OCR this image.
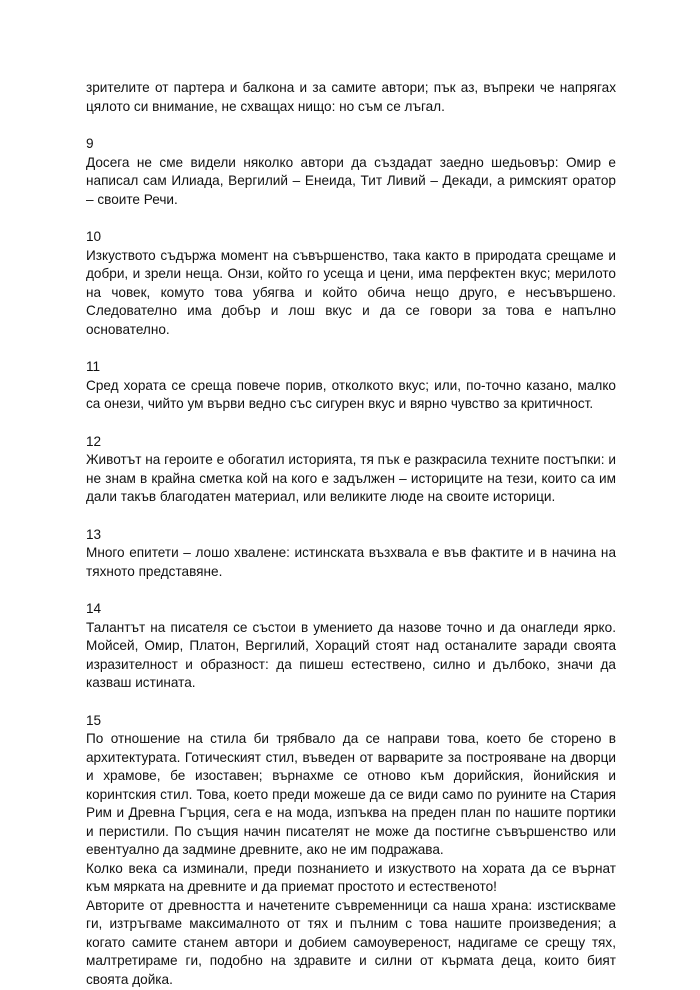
зрителите от партера и балкона и за самите автори; пък аз, въпреки че напрягах цялото си внимание, не схващах нищо: но съм се лъгал.

9

Досега не сме видели няколко автори да създадат заедно шедьовър: Омир е написал сам Илиада, Вергилий – Енеида, Тит Ливий – Декади, а римският оратор – своите Речи.

10

Изкуството съдържа момент на съвършенство, така както в природата срещаме и добри, и зрели неща. Онзи, който го усеща и цени, има перфектен вкус; мерилото на човек, комуто това убягва и който обича нещо друго, е несъвършено. Следователно има добър и лош вкус и да се говори за това е напълно основателно.

11

Сред хората се среща повече порив, отколкото вкус; или, по-точно казано, малко са онези, чийто ум върви ведно със сигурен вкус и вярно чувство за критичност.

12

Животът на героите е обогатил историята, тя пък е разкрасила техните постъпки: и не знам в крайна сметка кой на кого е задължен – историците на тези, които са им дали такъв благодатен материал, или великите люде на своите историци.

13

Много епитети – лошо хвалене: истинската възхвала е във фактите и в начина на тяхното представяне.

14

Талантът на писателя се състои в умението да назове точно и да онагледи ярко. Мойсей, Омир, Платон, Вергилий, Хораций стоят над останалите заради своята изразителност и образност: да пишеш естествено, силно и дълбоко, значи да казваш истината.

15

По отношение на стила би трябвало да се направи това, което бе сторено в архитектурата. Готическият стил, въведен от варварите за построяване на дворци и храмове, бе изоставен; върнахме се отново към дорийския, йонийския и коринтския стил. Това, което преди можеше да се види само по руините на Стария Рим и Древна Гърция, сега е на мода, изпъква на преден план по нашите портики и перистили. По същия начин писателят не може да постигне съвършенство или евентуално да задмине древните, ако не им подражава.

Колко века са изминали, преди познанието и изкуството на хората да се върнат към мярката на древните и да приемат простото и естественото!

Авторите от древността и начетените съвременници са наша храна: изстискваме ги, изтръгваме максималното от тях и пълним с това нашите произведения; а когато самите станем автори и добием самоувереност, надигаме се срещу тях, малтретираме ги, подобно на здравите и силни от кърмата деца, които бият своята дойка.
